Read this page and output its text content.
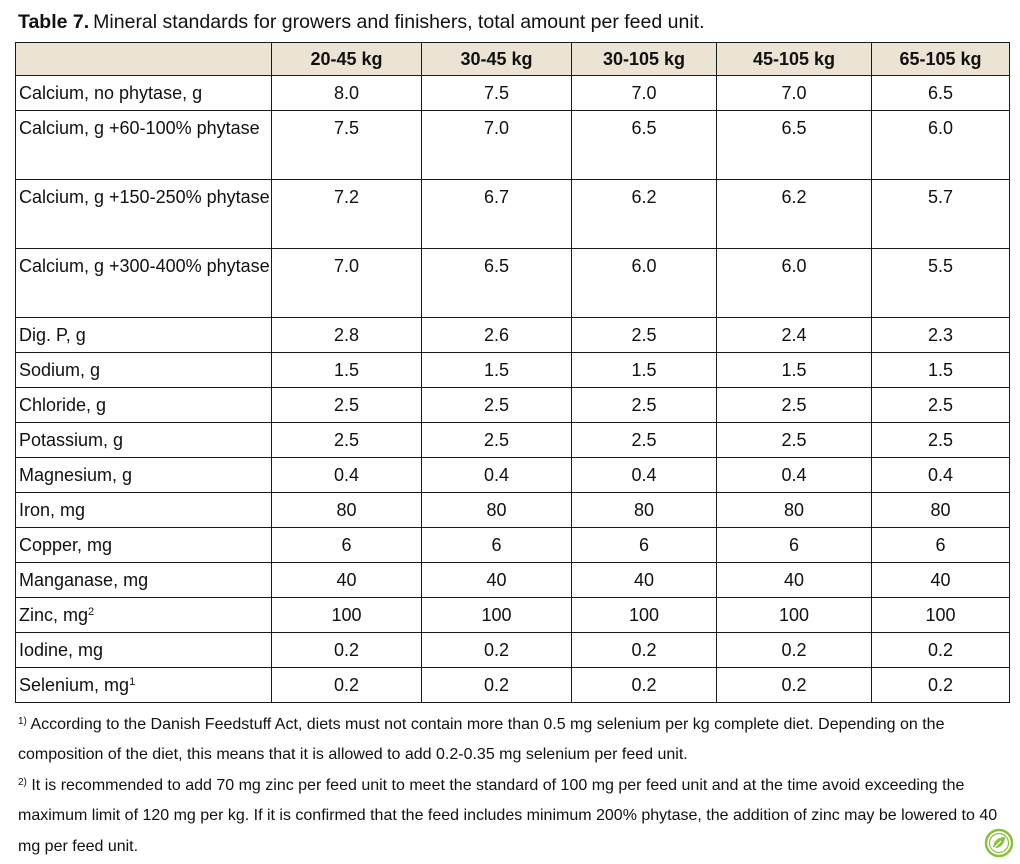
Table 7. Mineral standards for growers and finishers, total amount per feed unit.
	20-45 kg	30-45 kg	30-105 kg	45-105 kg	65-105 kg
Calcium, no phytase, g	8.0	7.5	7.0	7.0	6.5
Calcium, g +60-100% phytase	7.5	7.0	6.5	6.5	6.0
Calcium, g +150-250% phytase	7.2	6.7	6.2	6.2	5.7
Calcium, g +300-400% phytase	7.0	6.5	6.0	6.0	5.5
Dig. P, g	2.8	2.6	2.5	2.4	2.3
Sodium, g	1.5	1.5	1.5	1.5	1.5
Chloride, g	2.5	2.5	2.5	2.5	2.5
Potassium, g	2.5	2.5	2.5	2.5	2.5
Magnesium, g	0.4	0.4	0.4	0.4	0.4
Iron, mg	80	80	80	80	80
Copper, mg	6	6	6	6	6
Manganase, mg	40	40	40	40	40
Zinc, $mg^2$	100	100	100	100	100
Iodine, mg	0.2	0.2	0.2	0.2	0.2
Selenium, $mg^1$	0.2	0.2	0.2	0.2	0.2
$^{1)}$ According to the Danish Feedstuff Act, diets must not contain more than 0.5 mg selenium per kg complete diet. Depending on the composition of the diet, this means that it is allowed to add 0.2-0.35 mg selenium per feed unit.
$^{2)}$ It is recommended to add 70 mg zinc per feed unit to meet the standard of 100 mg per feed unit and at the time avoid exceeding the maximum limit of 120 mg per kg. If it is confirmed that the feed includes minimum 200% phytase, the addition of zinc may be lowered to 40 mg per feed unit.
